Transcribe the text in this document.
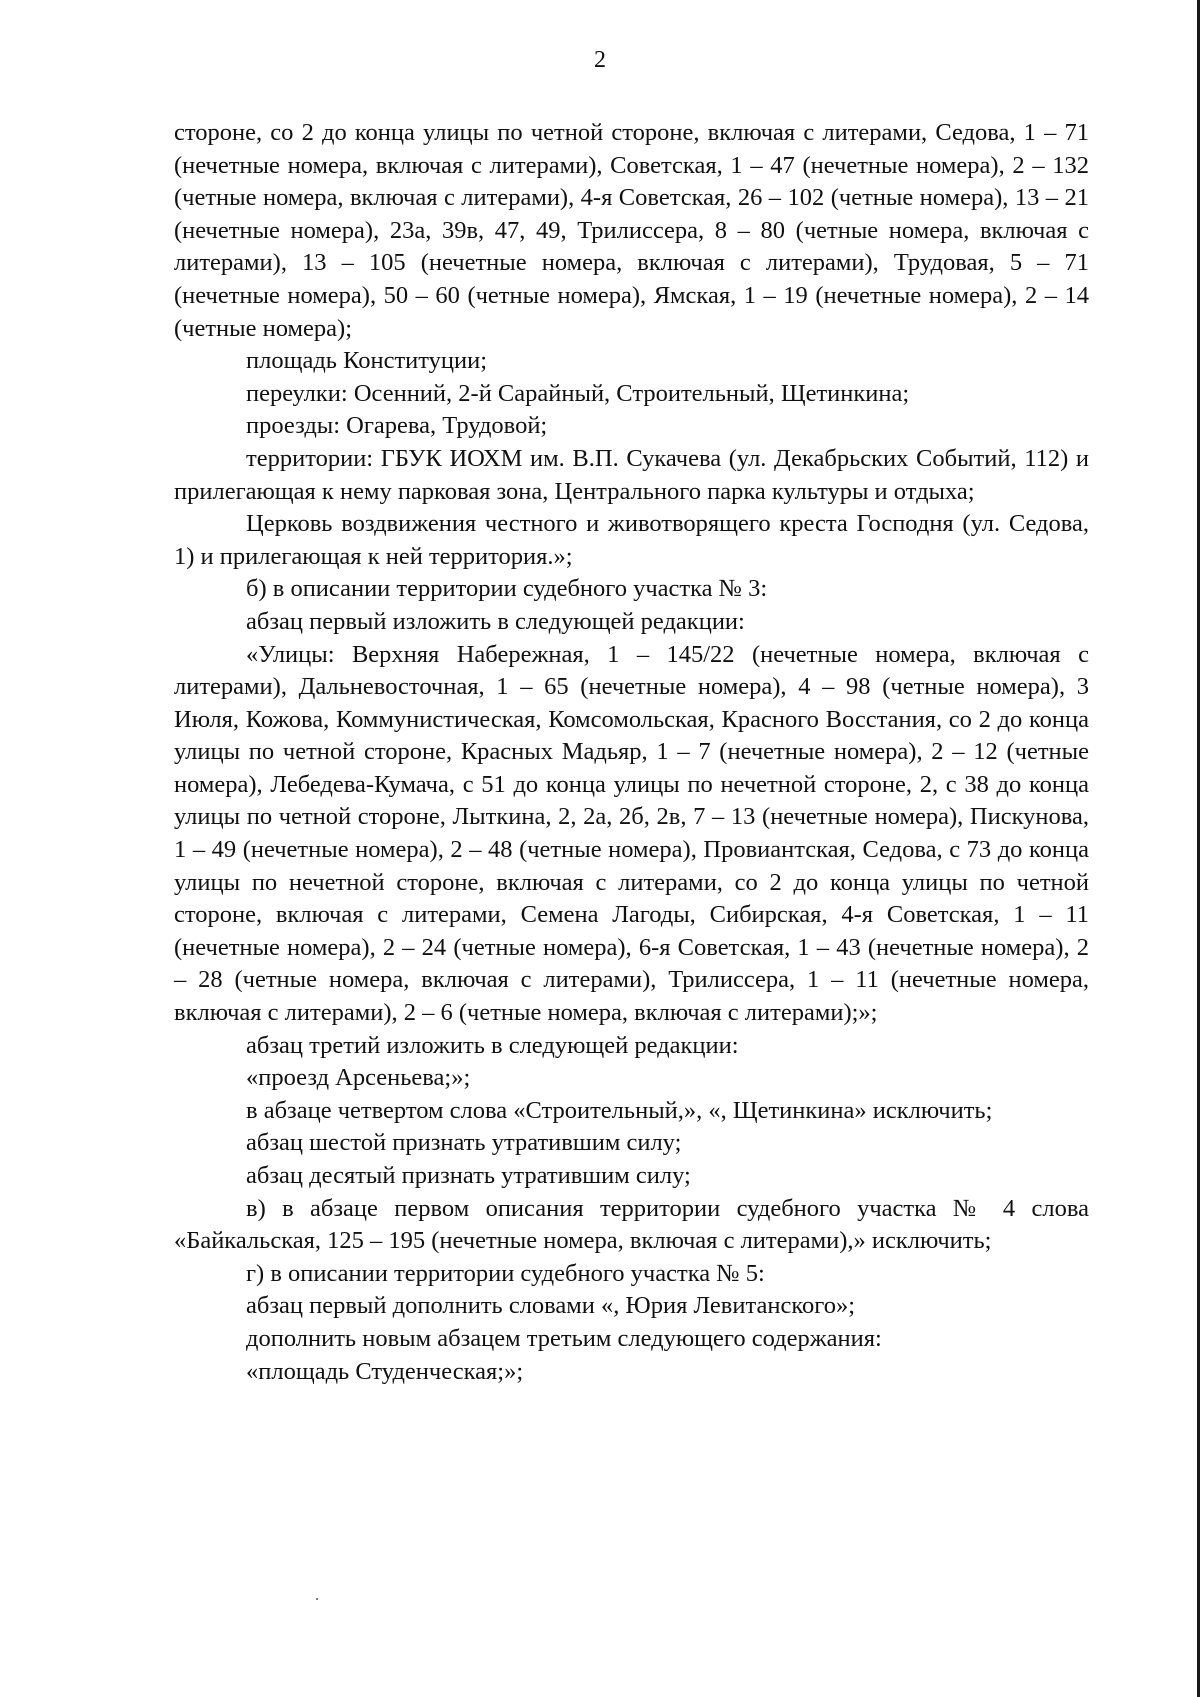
2

стороне, со 2 до конца улицы по четной стороне, включая с литерами, Седова, 1 – 71 (нечетные номера, включая с литерами), Советская, 1 – 47 (нечетные номера), 2 – 132 (четные номера, включая с литерами), 4-я Советская, 26 – 102 (четные номера), 13 – 21 (нечетные номера), 23а, 39в, 47, 49, Трилиссера, 8 – 80 (четные номера, включая с литерами), 13 – 105 (нечетные номера, включая с литерами), Трудовая, 5 – 71 (нечетные номера), 50 – 60 (четные номера), Ямская, 1 – 19 (нечетные номера), 2 – 14 (четные номера);

площадь Конституции;

переулки: Осенний, 2-й Сарайный, Строительный, Щетинкина;

проезды: Огарева, Трудовой;

территории: ГБУК ИОХМ им. В.П. Сукачева (ул. Декабрьских Событий, 112) и прилегающая к нему парковая зона, Центрального парка культуры и отдыха;

Церковь воздвижения честного и животворящего креста Господня (ул. Седова, 1) и прилегающая к ней территория.»;

б) в описании территории судебного участка № 3:

абзац первый изложить в следующей редакции:

«Улицы: Верхняя Набережная, 1 – 145/22 (нечетные номера, включая с литерами), Дальневосточная, 1 – 65 (нечетные номера), 4 – 98 (четные номера), 3 Июля, Кожова, Коммунистическая, Комсомольская, Красного Восстания, со 2 до конца улицы по четной стороне, Красных Мадьяр, 1 – 7 (нечетные номера), 2 – 12 (четные номера), Лебедева-Кумача, с 51 до конца улицы по нечетной стороне, 2, с 38 до конца улицы по четной стороне, Лыткина, 2, 2а, 2б, 2в, 7 – 13 (нечетные номера), Пискунова, 1 – 49 (нечетные номера), 2 – 48 (четные номера), Провиантская, Седова, с 73 до конца улицы по нечетной стороне, включая с литерами, со 2 до конца улицы по четной стороне, включая с литерами, Семена Лагоды, Сибирская, 4-я Советская, 1 – 11 (нечетные номера), 2 – 24 (четные номера), 6-я Советская, 1 – 43 (нечетные номера), 2 – 28 (четные номера, включая с литерами), Трилиссера, 1 – 11 (нечетные номера, включая с литерами), 2 – 6 (четные номера, включая с литерами);»;

абзац третий изложить в следующей редакции:

«проезд Арсеньева;»;

в абзаце четвертом слова «Строительный,», «, Щетинкина» исключить;

абзац шестой признать утратившим силу;

абзац десятый признать утратившим силу;

в) в абзаце первом описания территории судебного участка № 4 слова «Байкальская, 125 – 195 (нечетные номера, включая с литерами),» исключить;

г) в описании территории судебного участка № 5:

абзац первый дополнить словами «, Юрия Левитанского»;

дополнить новым абзацем третьим следующего содержания:

«площадь Студенческая;»;
